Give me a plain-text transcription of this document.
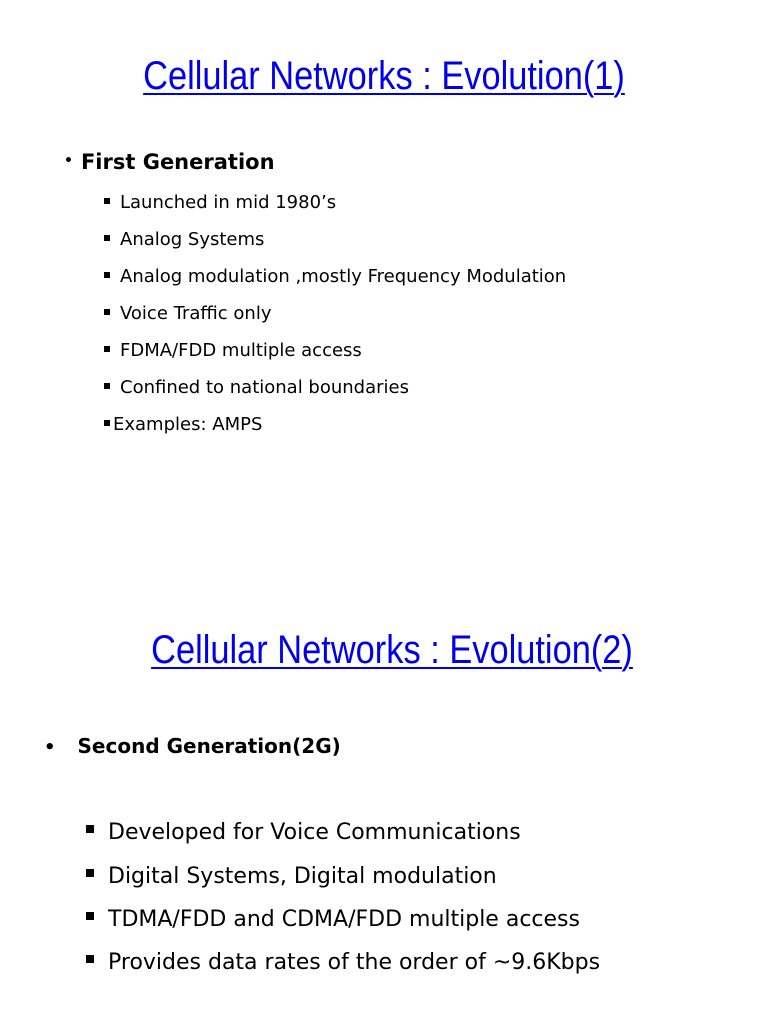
Cellular Networks : Evolution(1)
• First Generation
Launched in mid 1980’s
Analog Systems
Analog modulation ,mostly Frequency Modulation
Voice Traffic only
FDMA/FDD multiple access
Confined to national boundaries
Examples: AMPS
Cellular Networks : Evolution(2)
• Second Generation(2G)
Developed for Voice Communications
Digital Systems, Digital modulation
TDMA/FDD and CDMA/FDD multiple access
Provides data rates of the order of ~9.6Kbps
